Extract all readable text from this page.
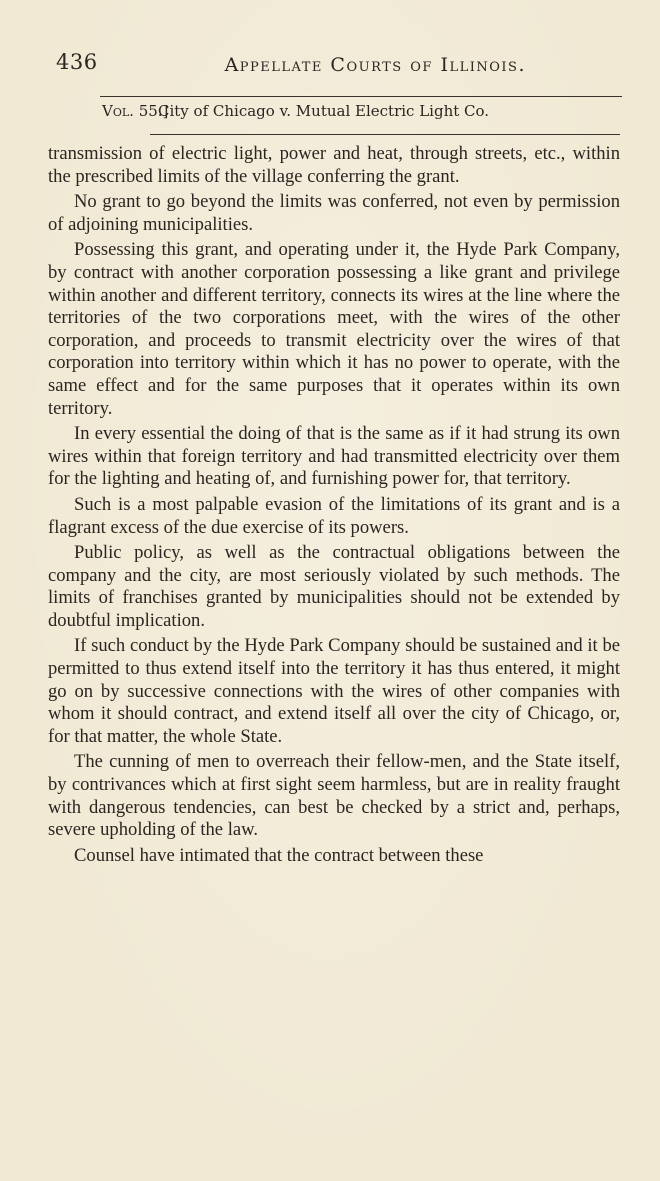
436	Appellate Courts of Illinois.
Vol. 55.]
City of Chicago v. Mutual Electric Light Co.

transmission of electric light, power and heat, through streets, etc., within the prescribed limits of the village conferring the grant.

No grant to go beyond the limits was conferred, not even by permission of adjoining municipalities.

Possessing this grant, and operating under it, the Hyde Park Company, by contract with another corporation possessing a like grant and privilege within another and different territory, connects its wires at the line where the territories of the two corporations meet, with the wires of the other corporation, and proceeds to transmit electricity over the wires of that corporation into territory within which it has no power to operate, with the same effect and for the same purposes that it operates within its own territory.

In every essential the doing of that is the same as if it had strung its own wires within that foreign territory and had transmitted electricity over them for the lighting and heating of, and furnishing power for, that territory.

Such is a most palpable evasion of the limitations of its grant and is a flagrant excess of the due exercise of its powers.

Public policy, as well as the contractual obligations between the company and the city, are most seriously violated by such methods. The limits of franchises granted by municipalities should not be extended by doubtful implication.

If such conduct by the Hyde Park Company should be sustained and it be permitted to thus extend itself into the territory it has thus entered, it might go on by successive connections with the wires of other companies with whom it should contract, and extend itself all over the city of Chicago, or, for that matter, the whole State.

The cunning of men to overreach their fellow-men, and the State itself, by contrivances which at first sight seem harmless, but are in reality fraught with dangerous tendencies, can best be checked by a strict and, perhaps, severe upholding of the law.

Counsel have intimated that the contract between these
